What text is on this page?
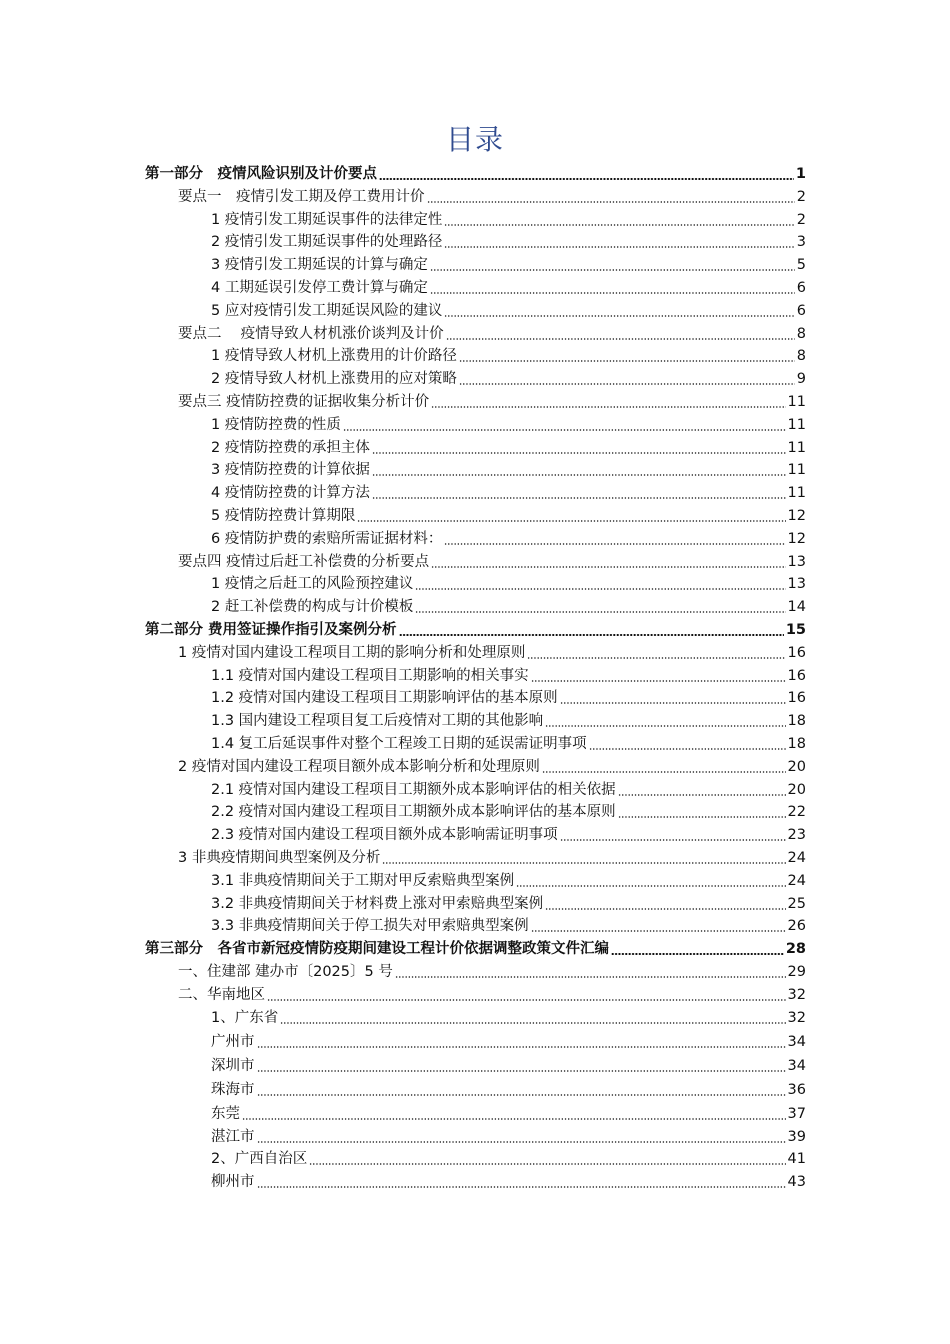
目录
第一部分　疫情风险识别及计价要点	1
要点一　疫情引发工期及停工费用计价	2
1 疫情引发工期延误事件的法律定性	2
2 疫情引发工期延误事件的处理路径	3
3 疫情引发工期延误的计算与确定	5
4 工期延误引发停工费计算与确定	6
5 应对疫情引发工期延误风险的建议	6
要点二　 疫情导致人材机涨价谈判及计价	8
1 疫情导致人材机上涨费用的计价路径	8
2 疫情导致人材机上涨费用的应对策略	9
要点三 疫情防控费的证据收集分析计价	11
1 疫情防控费的性质	11
2 疫情防控费的承担主体	11
3 疫情防控费的计算依据	11
4 疫情防控费的计算方法	11
5 疫情防控费计算期限	12
6 疫情防护费的索赔所需证据材料：	12
要点四 疫情过后赶工补偿费的分析要点	13
1 疫情之后赶工的风险预控建议	13
2 赶工补偿费的构成与计价模板	14
第二部分 费用签证操作指引及案例分析	15
1 疫情对国内建设工程项目工期的影响分析和处理原则	16
1.1 疫情对国内建设工程项目工期影响的相关事实	16
1.2 疫情对国内建设工程项目工期影响评估的基本原则	16
1.3 国内建设工程项目复工后疫情对工期的其他影响	18
1.4 复工后延误事件对整个工程竣工日期的延误需证明事项	18
2 疫情对国内建设工程项目额外成本影响分析和处理原则	20
2.1 疫情对国内建设工程项目工期额外成本影响评估的相关依据	20
2.2 疫情对国内建设工程项目工期额外成本影响评估的基本原则	22
2.3 疫情对国内建设工程项目额外成本影响需证明事项	23
3 非典疫情期间典型案例及分析	24
3.1 非典疫情期间关于工期对甲反索赔典型案例	24
3.2 非典疫情期间关于材料费上涨对甲索赔典型案例	25
3.3 非典疫情期间关于停工损失对甲索赔典型案例	26
第三部分　各省市新冠疫情防疫期间建设工程计价依据调整政策文件汇编	28
一、住建部 建办市〔2025〕5 号	29
二、华南地区	32
1、广东省	32
广州市	34
深圳市	34
珠海市	36
东莞	37
湛江市	39
2、广西自治区	41
柳州市	43
